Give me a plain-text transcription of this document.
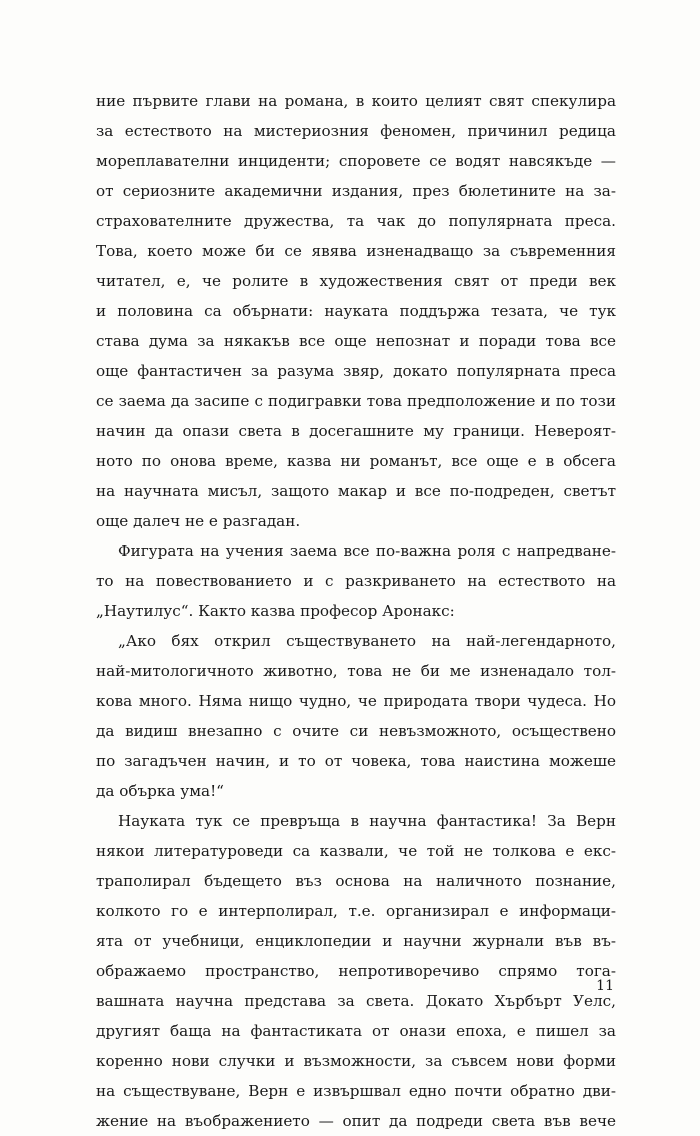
ние първите глави на романа, в които целият свят спекулира
за естеството на мистериозния феномен, причинил редица
мореплавателни инциденти; споровете се водят навсякъде —
от сериозните академични издания, през бюлетините на за-
страхователните дружества, та чак до популярната преса.
Това, което може би се явява изненадващо за съвременния
читател, е, че ролите в художествения свят от преди век
и половина са обърнати: науката поддържа тезата, че тук
става дума за някакъв все още непознат и поради това все
още фантастичен за разума звяр, докато популярната преса
се заема да засипе с подигравки това предположение и по този
начин да опази света в досегашните му граници. Невероят-
ното по онова време, казва ни романът, все още е в обсега
на научната мисъл, защото макар и все по-подреден, светът
още далеч не е разгадан.
Фигурата на учения заема все по-важна роля с напредване-
то на повествованието и с разкриването на естеството на
„Наутилус“. Както казва професор Аронакс:
„Ако бях открил съществуването на най-легендарното,
най-митологичното животно, това не би ме изненадало тол-
кова много. Няма нищо чудно, че природата твори чудеса. Но
да видиш внезапно с очите си невъзможното, осъществено
по загадъчен начин, и то от човека, това наистина можеше
да обърка ума!“
Науката тук се превръща в научна фантастика! За Верн
някои литературоведи са казвали, че той не толкова е екс-
траполирал бъдещето въз основа на наличното познание,
колкото го е интерполирал, т.е. организирал е информаци-
ята от учебници, енциклопедии и научни журнали във въ-
ображаемо пространство, непротиворечиво спрямо тога-
вашната научна представа за света. Докато Хърбърт Уелс,
другият баща на фантастиката от онази епоха, е пишел за
коренно нови случки и възможности, за съвсем нови форми
на съществуване, Верн е извършвал едно почти обратно дви-
жение на въображението — опит да подреди света във вече
11
